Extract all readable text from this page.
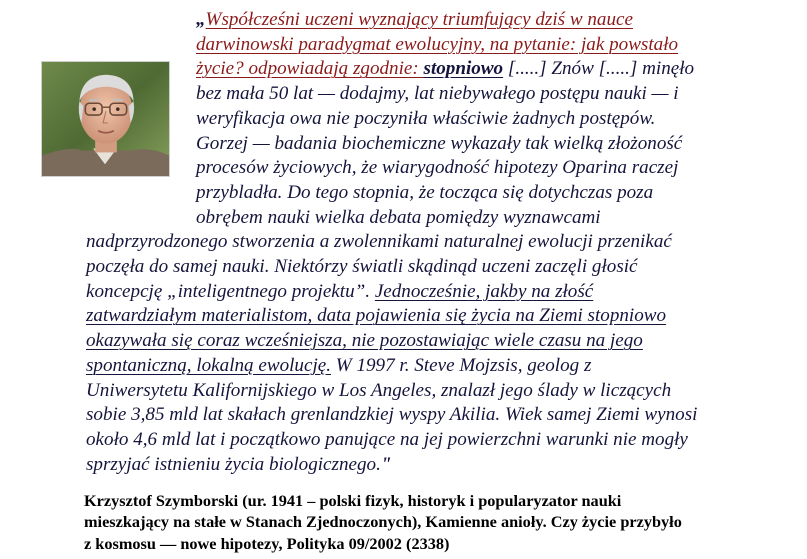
„Współcześni uczeni wyznający triumfujący dziś w nauce
darwinowski paradygmat ewolucyjny, na pytanie: jak powstało
życie? odpowiadają zgodnie: stopniowo [.....] Znów [.....] minęło
bez mała 50 lat — dodajmy, lat niebywałego postępu nauki — i
weryfikacja owa nie poczyniła właściwie żadnych postępów.
Gorzej — badania biochemiczne wykazały tak wielką złożoność
procesów życiowych, że wiarygodność hipotezy Oparina raczej
przybladła. Do tego stopnia, że tocząca się dotychczas poza
obrębem nauki wielka debata pomiędzy wyznawcami
nadprzyrodzonego stworzenia a zwolennikami naturalnej ewolucji przenikać
poczęła do samej nauki. Niektórzy światli skądinąd uczeni zaczęli głosić
koncepcję „inteligentnego projektu”. Jednocześnie, jakby na złość
zatwardziałym materialistom, data pojawienia się życia na Ziemi stopniowo
okazywała się coraz wcześniejsza, nie pozostawiając wiele czasu na jego
spontaniczną, lokalną ewolucję. W 1997 r. Steve Mojzsis, geolog z
Uniwersytetu Kalifornijskiego w Los Angeles, znalazł jego ślady w liczących
sobie 3,85 mld lat skałach grenlandzkiej wyspy Akilia. Wiek samej Ziemi wynosi
około 4,6 mld lat i początkowo panujące na jej powierzchni warunki nie mogły
sprzyjać istnieniu życia biologicznego."
Krzysztof Szymborski (ur. 1941 – polski fizyk, historyk i popularyzator nauki
mieszkający na stałe w Stanach Zjednoczonych), Kamienne anioły. Czy życie przybyło
z kosmosu — nowe hipotezy, Polityka 09/2002 (2338)
